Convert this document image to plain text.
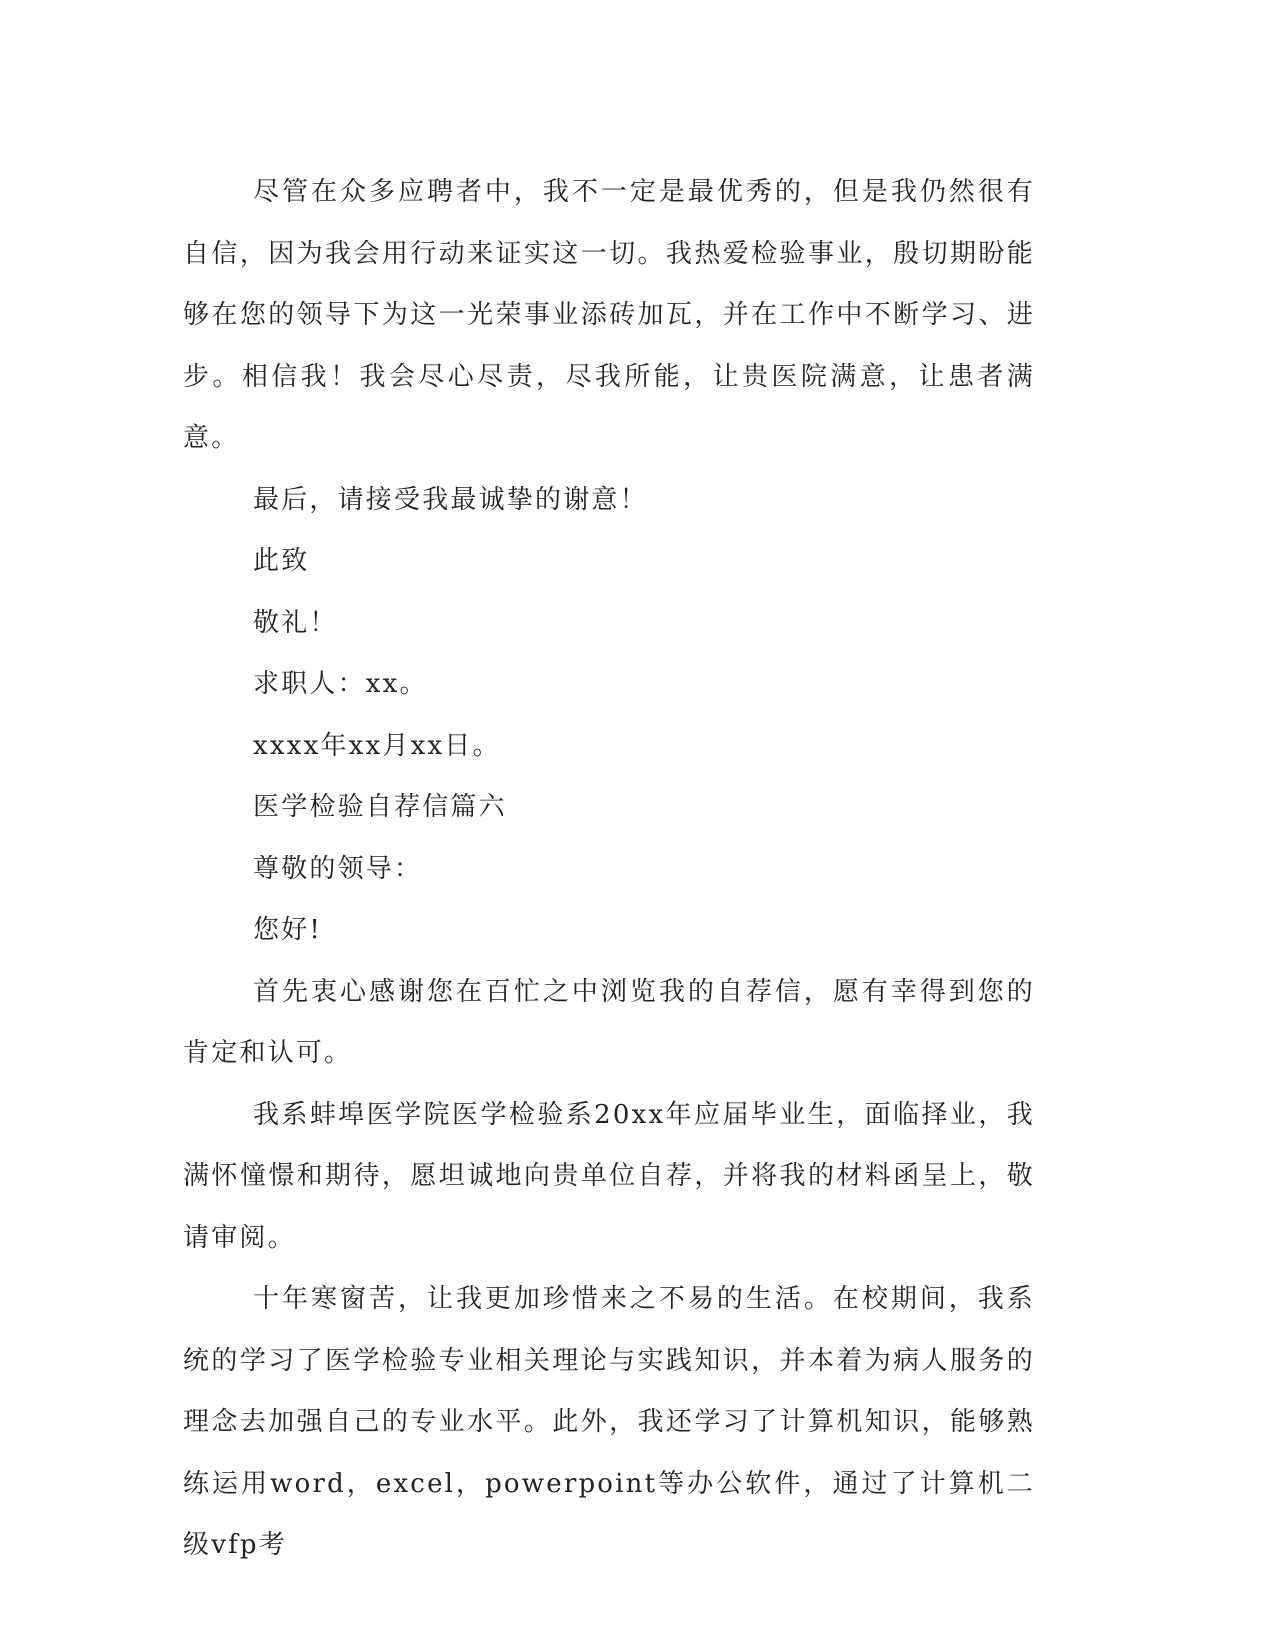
尽管在众多应聘者中，我不一定是最优秀的，但是我仍然很有自信，因为我会用行动来证实这一切。我热爱检验事业，殷切期盼能够在您的领导下为这一光荣事业添砖加瓦，并在工作中不断学习、进步。相信我！我会尽心尽责，尽我所能，让贵医院满意，让患者满意。

最后，请接受我最诚挚的谢意！

此致

敬礼！

求职人：xx。

xxxx年xx月xx日。

医学检验自荐信篇六

尊敬的领导：

您好!

首先衷心感谢您在百忙之中浏览我的自荐信，愿有幸得到您的肯定和认可。

我系蚌埠医学院医学检验系20xx年应届毕业生，面临择业，我满怀憧憬和期待，愿坦诚地向贵单位自荐，并将我的材料函呈上，敬请审阅。

十年寒窗苦，让我更加珍惜来之不易的生活。在校期间，我系统的学习了医学检验专业相关理论与实践知识，并本着为病人服务的理念去加强自己的专业水平。此外，我还学习了计算机知识，能够熟练运用word，excel，powerpoint等办公软件，通过了计算机二级vfp考
